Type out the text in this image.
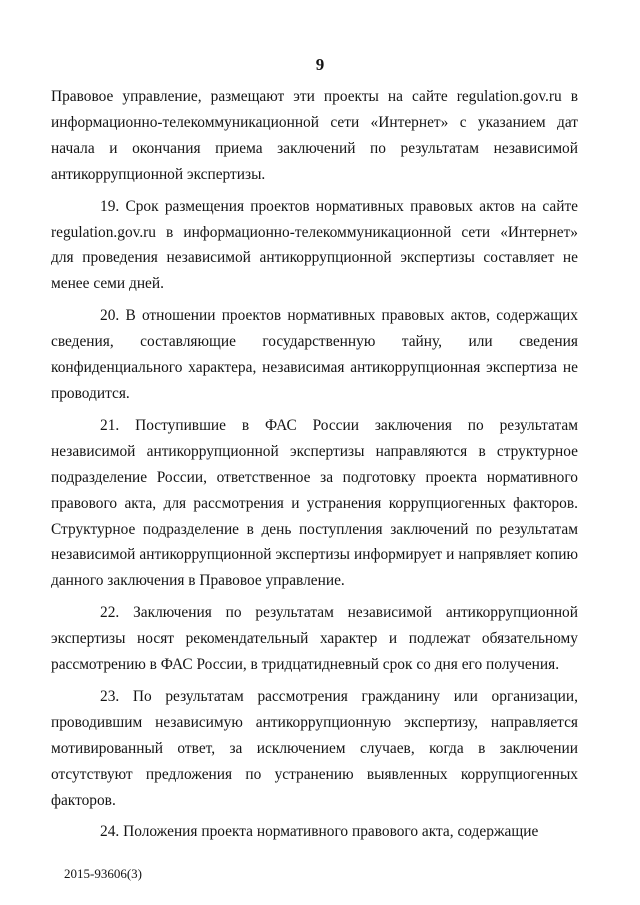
9

Правовое управление, размещают эти проекты на сайте regulation.gov.ru в информационно-телекоммуникационной сети «Интернет» с указанием дат начала и окончания приема заключений по результатам независимой антикоррупционной экспертизы.

19. Срок размещения проектов нормативных правовых актов на сайте regulation.gov.ru в информационно-телекоммуникационной сети «Интернет» для проведения независимой антикоррупционной экспертизы составляет не менее семи дней.

20. В отношении проектов нормативных правовых актов, содержащих сведения, составляющие государственную тайну, или сведения конфиденциального характера, независимая антикоррупционная экспертиза не проводится.

21. Поступившие в ФАС России заключения по результатам независимой антикоррупционной экспертизы направляются в структурное подразделение России, ответственное за подготовку проекта нормативного правового акта, для рассмотрения и устранения коррупциогенных факторов. Структурное подразделение в день поступления заключений по результатам независимой антикоррупционной экспертизы информирует и напрявляет копию данного заключения в Правовое управление.

22. Заключения по результатам независимой антикоррупционной экспертизы носят рекомендательный характер и подлежат обязательному рассмотрению в ФАС России, в тридцатидневный срок со дня его получения.

23. По результатам рассмотрения гражданину или организации, проводившим независимую антикоррупционную экспертизу, направляется мотивированный ответ, за исключением случаев, когда в заключении отсутствуют предложения по устранению выявленных коррупциогенных факторов.

24. Положения проекта нормативного правового акта, содержащие

2015-93606(3)
